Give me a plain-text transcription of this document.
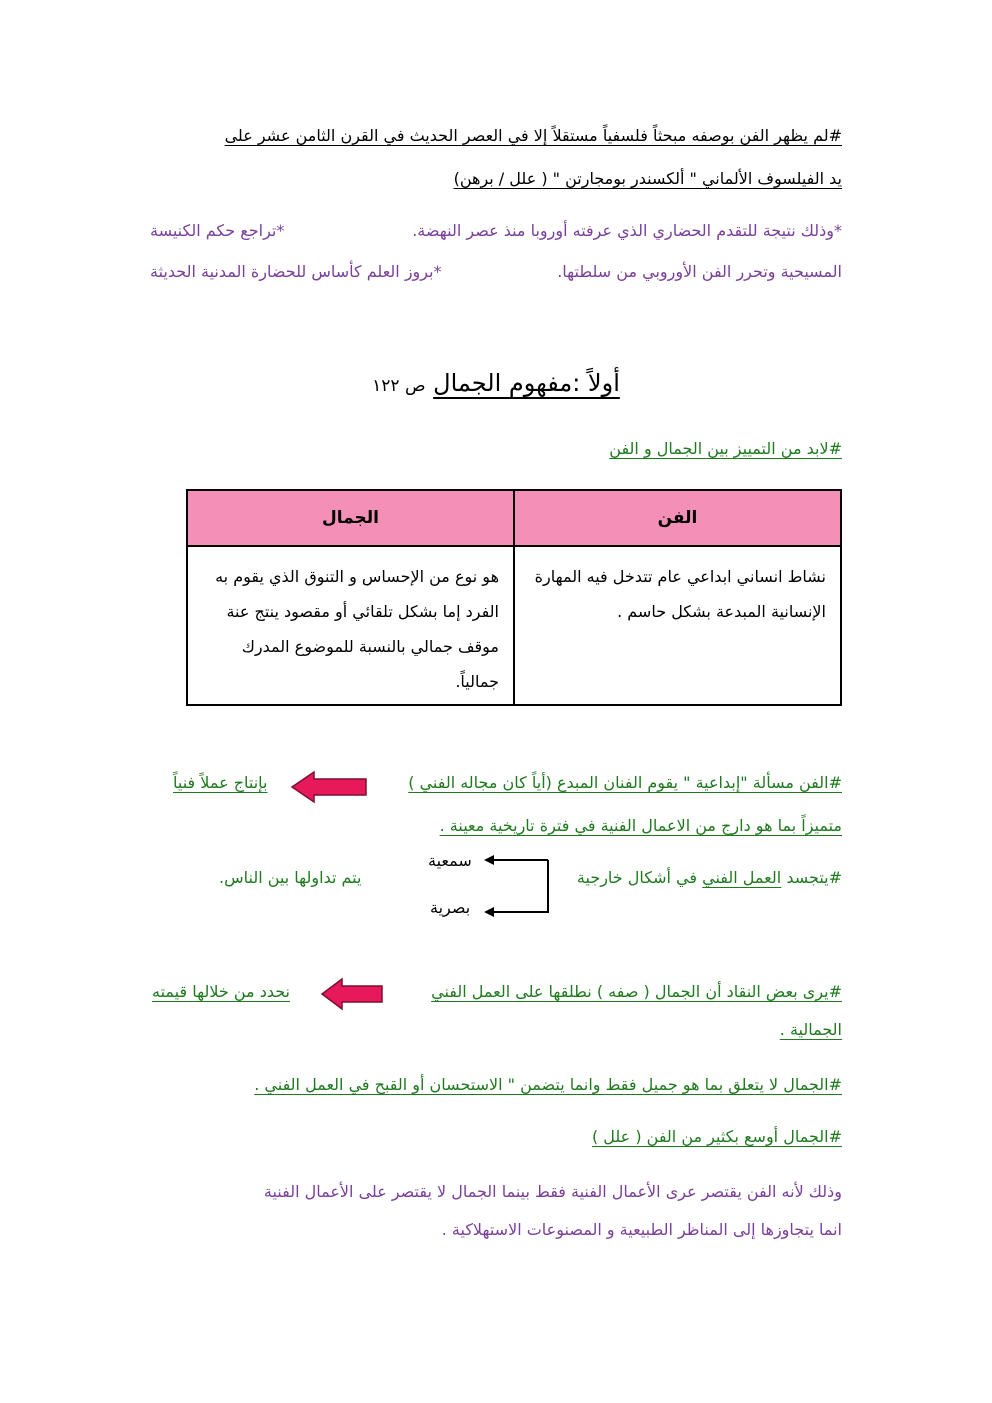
#لم يظهر الفن بوصفه مبحثاً فلسفياً مستقلاً إلا في العصر الحديث في القرن الثامن عشر على
يد الفيلسوف الألماني " ألكسندر بومجارتن " ( علل / برهن)
*وذلك نتيجة للتقدم الحضاري الذي عرفته أوروبا منذ عصر النهضة.
*تراجع حكم الكنيسة
المسيحية وتحرر الفن الأوروبي من سلطتها.
*بروز العلم كأساس للحضارة المدنية الحديثة
أولاً :مفهوم الجمال ص ١٢٢
#لابد من التمييز بين الجمال و الفن
الفن	الجمال
نشاط انساني ابداعي عام تتدخل فيه المهارة الإنسانية المبدعة بشكل حاسم .	هو نوع من الإحساس و التنوق الذي يقوم به الفرد إما بشكل تلقائي أو مقصود ينتج عنة موقف جمالي بالنسبة للموضوع المدرك جمالياً.
#الفن مسألة "إبداعية " يقوم الفنان المبدع (أياً كان مجاله الفني )
بإنتاج عملاً فنياً
متميزاً بما هو دارج من الاعمال الفنية في فترة تاريخية معينة .
#يتجسد العمل الفني في أشكال خارجية
سمعية
بصرية
يتم تداولها بين الناس.
#يرى بعض النقاد أن الجمال ( صفه ) نطلقها على العمل الفني
نحدد من خلالها قيمته
الجمالية .
#الجمال لا يتعلق بما هو جميل فقط وانما يتضمن " الاستحسان أو القبح في العمل الفني .
#الجمال أوسع بكثير من الفن ( علل )
وذلك لأنه الفن يقتصر عرى الأعمال الفنية فقط بينما الجمال لا يقتصر على الأعمال الفنية
انما يتجاوزها إلى المناظر الطبيعية و المصنوعات الاستهلاكية .
